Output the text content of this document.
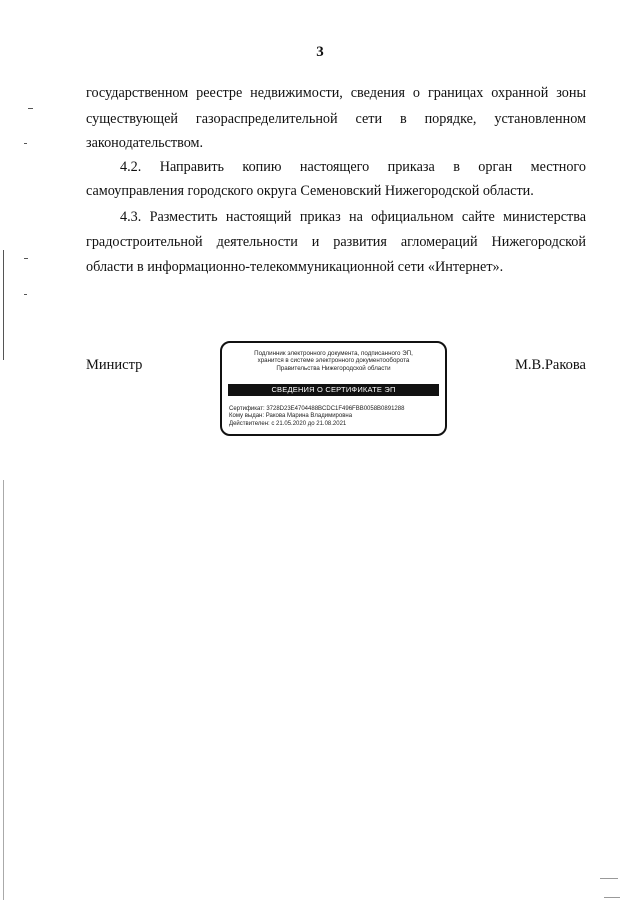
3
государственном реестре недвижимости, сведения о границах охранной зоны
существующей газораспределительной сети в порядке, установленном
законодательством.
4.2. Направить копию настоящего приказа в орган местного
самоуправления городского округа Семеновский Нижегородской области.
4.3. Разместить настоящий приказ на официальном сайте министерства
градостроительной деятельности и развития агломераций Нижегородской
области в информационно-телекоммуникационной сети «Интернет».
Министр	М.В.Ракова
Подлинник электронного документа, подписанного ЭП,
хранится в системе электронного документооборота
Правительства Нижегородской области
СВЕДЕНИЯ О СЕРТИФИКАТЕ ЭП
Сертификат: 3728D23E4704488BCDC1F496FBB0058B0891288
Кому выдан: Ракова Марина Владимировна
Действителен: с 21.05.2020 до 21.08.2021
